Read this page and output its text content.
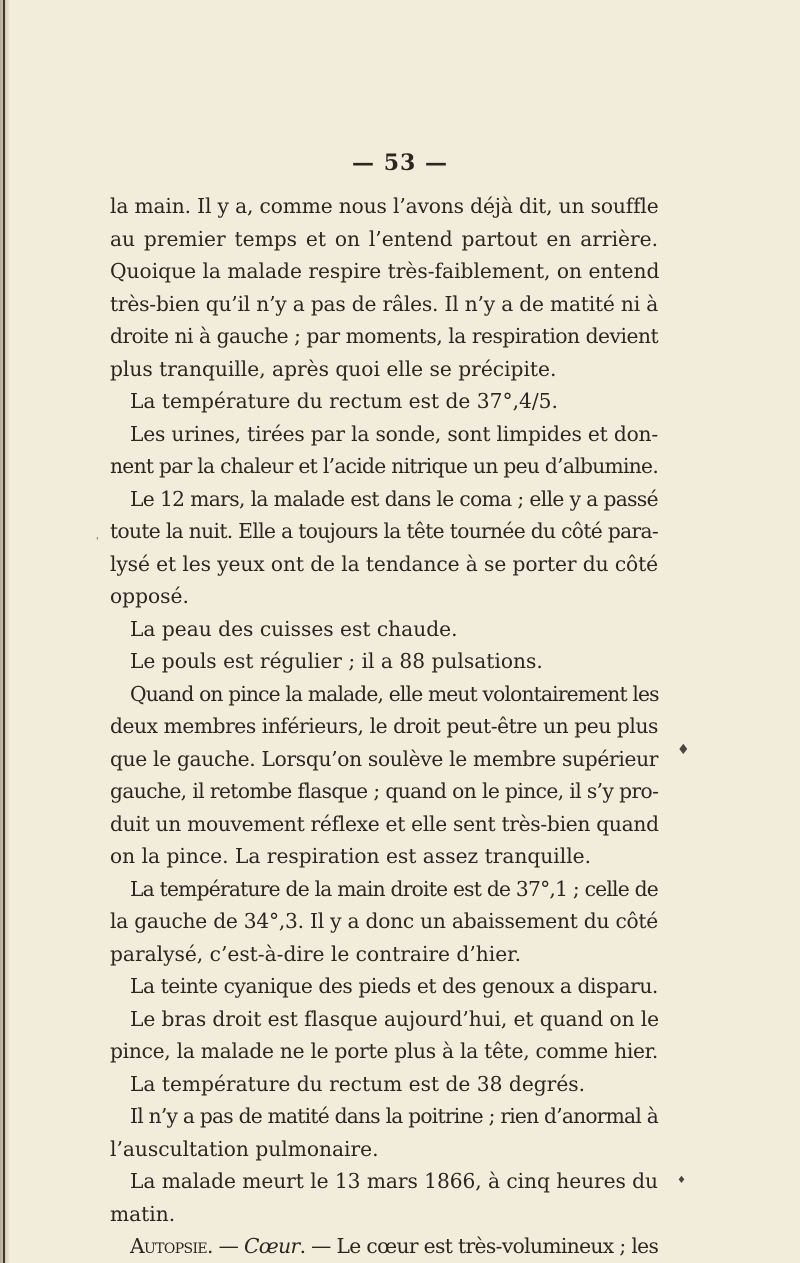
— 53 —
la main. Il y a, comme nous l’avons déjà dit, un souffle
au premier temps et on l’entend partout en arrière.
Quoique la malade respire très-faiblement, on entend
très-bien qu’il n’y a pas de râles. Il n’y a de matité ni à
droite ni à gauche ; par moments, la respiration devient
plus tranquille, après quoi elle se précipite.
La température du rectum est de 37°,4/5.
Les urines, tirées par la sonde, sont limpides et don-
nent par la chaleur et l’acide nitrique un peu d’albumine.
Le 12 mars, la malade est dans le coma ; elle y a passé
toute la nuit. Elle a toujours la tête tournée du côté para-
lysé et les yeux ont de la tendance à se porter du côté
opposé.
La peau des cuisses est chaude.
Le pouls est régulier ; il a 88 pulsations.
Quand on pince la malade, elle meut volontairement les
deux membres inférieurs, le droit peut-être un peu plus
que le gauche. Lorsqu’on soulève le membre supérieur
gauche, il retombe flasque ; quand on le pince, il s’y pro-
duit un mouvement réflexe et elle sent très-bien quand
on la pince. La respiration est assez tranquille.
La température de la main droite est de 37°,1 ; celle de
la gauche de 34°,3. Il y a donc un abaissement du côté
paralysé, c’est-à-dire le contraire d’hier.
La teinte cyanique des pieds et des genoux a disparu.
Le bras droit est flasque aujourd’hui, et quand on le
pince, la malade ne le porte plus à la tête, comme hier.
La température du rectum est de 38 degrés.
Il n’y a pas de matité dans la poitrine ; rien d’anormal à
l’auscultation pulmonaire.
La malade meurt le 13 mars 1866, à cinq heures du
matin.
Autopsie. — Cœur. — Le cœur est très-volumineux ; les
♦
♦
'
